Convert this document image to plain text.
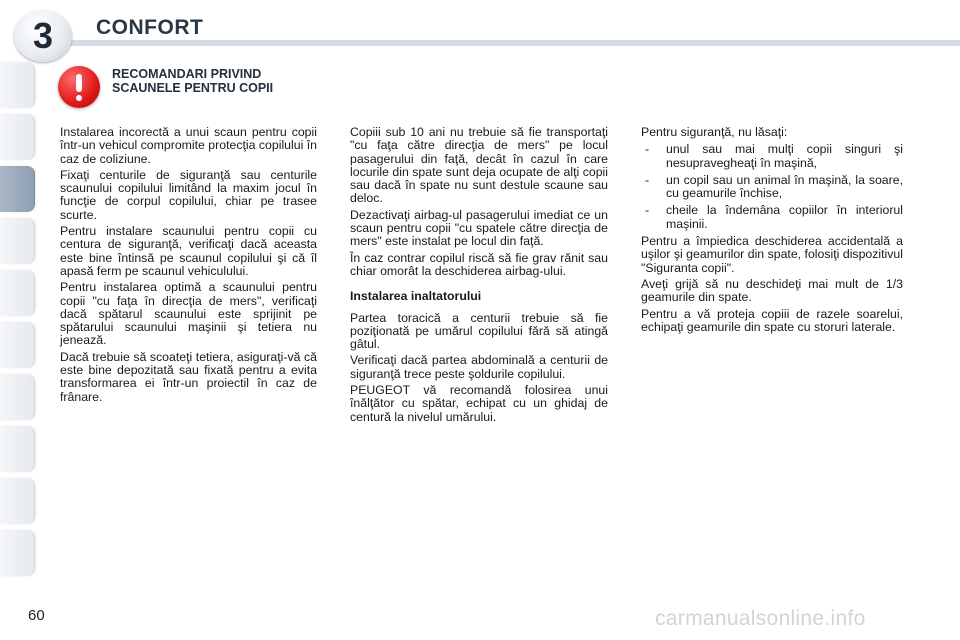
3	CONFORT
RECOMANDARI PRIVIND
SCAUNELE PENTRU COPII

Instalarea incorectă a unui scaun pentru copii într-un vehicul compromite protecţia copilului în caz de coliziune.

Fixaţi centurile de siguranţă sau centurile scaunului copilului limitând la maxim jocul în funcţie de corpul copilului, chiar pe trasee scurte.

Pentru instalare scaunului pentru copii cu centura de siguranţă, verificaţi dacă aceasta este bine întinsă pe scaunul copilului şi că îl apasă ferm pe scaunul vehiculului.

Pentru instalarea optimă a scaunului pentru copii "cu faţa în direcţia de mers", verificaţi dacă spătarul scaunului este sprijinit pe spătarului scaunului maşinii şi tetiera nu jenează.

Dacă trebuie să scoateţi tetiera, asiguraţi-vă că este bine depozitată sau fixată pentru a evita transformarea ei într-un proiectil în caz de frânare.

Copiii sub 10 ani nu trebuie să fie transportaţi "cu faţa către direcţia de mers" pe locul pasagerului din faţă, decât în cazul în care locurile din spate sunt deja ocupate de alţi copii sau dacă în spate nu sunt destule scaune sau deloc.

Dezactivaţi airbag-ul pasagerului imediat ce un scaun pentru copii "cu spatele către direcţia de mers" este instalat pe locul din faţă.

În caz contrar copilul riscă să fie grav rănit sau chiar omorât la deschiderea airbag-ului.

Instalarea inaltatorului

Partea toracică a centurii trebuie să fie poziţionată pe umărul copilului fără să atingă gâtul.

Verificaţi dacă partea abdominală a centurii de siguranţă trece peste şoldurile copilului.

PEUGEOT vă recomandă folosirea unui înălţător cu spătar, echipat cu un ghidaj de centură la nivelul umărului.

Pentru siguranţă, nu lăsaţi:

- unul sau mai mulţi copii singuri şi nesupravegheaţi în maşină,
- un copil sau un animal în maşină, la soare, cu geamurile închise,
- cheile la îndemâna copiilor în interiorul maşinii.

Pentru a împiedica deschiderea accidentală a uşilor şi geamurilor din spate, folosiţi dispozitivul "Siguranta copii".

Aveţi grijă să nu deschideţi mai mult de 1/3 geamurile din spate.

Pentru a vă proteja copiii de razele soarelui, echipaţi geamurile din spate cu storuri laterale.

60	carmanualsonline.info
